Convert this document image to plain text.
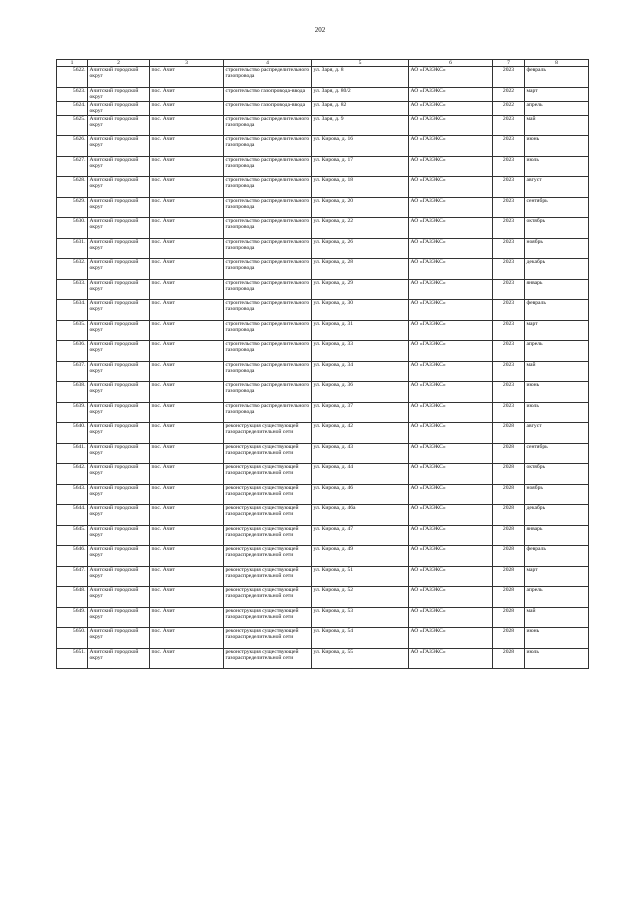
202
1	2	3	4	5	6	7	8
5622.	Ачитский городской округ	пос. Ачит	строительство распределительного газопровода	ул. Заря, д. 8	АО «ГАЗЭКС»	2023	февраль
5623.	Ачитский городской округ	пос. Ачит	строительство газопровода-ввода	ул. Заря, д. 80/2	АО «ГАЗЭКС»	2022	март
5624.	Ачитский городской округ	пос. Ачит	строительство газопровода-ввода	ул. Заря, д. 82	АО «ГАЗЭКС»	2022	апрель
5625.	Ачитский городской округ	пос. Ачит	строительство распределительного газопровода	ул. Заря, д. 9	АО «ГАЗЭКС»	2023	май
5626.	Ачитский городской округ	пос. Ачит	строительство распределительного газопровода	ул. Кирова, д. 16	АО «ГАЗЭКС»	2023	июнь
5627.	Ачитский городской округ	пос. Ачит	строительство распределительного газопровода	ул. Кирова, д. 17	АО «ГАЗЭКС»	2023	июль
5628.	Ачитский городской округ	пос. Ачит	строительство распределительного газопровода	ул. Кирова, д. 18	АО «ГАЗЭКС»	2023	август
5629.	Ачитский городской округ	пос. Ачит	строительство распределительного газопровода	ул. Кирова, д. 20	АО «ГАЗЭКС»	2023	сентябрь
5630.	Ачитский городской округ	пос. Ачит	строительство распределительного газопровода	ул. Кирова, д. 22	АО «ГАЗЭКС»	2023	октябрь
5631.	Ачитский городской округ	пос. Ачит	строительство распределительного газопровода	ул. Кирова, д. 26	АО «ГАЗЭКС»	2023	ноябрь
5632.	Ачитский городской округ	пос. Ачит	строительство распределительного газопровода	ул. Кирова, д. 28	АО «ГАЗЭКС»	2023	декабрь
5633.	Ачитский городской округ	пос. Ачит	строительство распределительного газопровода	ул. Кирова, д. 29	АО «ГАЗЭКС»	2023	январь
5634.	Ачитский городской округ	пос. Ачит	строительство распределительного газопровода	ул. Кирова, д. 30	АО «ГАЗЭКС»	2023	февраль
5635.	Ачитский городской округ	пос. Ачит	строительство распределительного газопровода	ул. Кирова, д. 31	АО «ГАЗЭКС»	2023	март
5636.	Ачитский городской округ	пос. Ачит	строительство распределительного газопровода	ул. Кирова, д. 33	АО «ГАЗЭКС»	2023	апрель
5637.	Ачитский городской округ	пос. Ачит	строительство распределительного газопровода	ул. Кирова, д. 34	АО «ГАЗЭКС»	2023	май
5638.	Ачитский городской округ	пос. Ачит	строительство распределительного газопровода	ул. Кирова, д. 36	АО «ГАЗЭКС»	2023	июнь
5639.	Ачитский городской округ	пос. Ачит	строительство распределительного газопровода	ул. Кирова, д. 37	АО «ГАЗЭКС»	2023	июль
5640.	Ачитский городской округ	пос. Ачит	реконструкция существующей газораспределительной сети	ул. Кирова, д. 42	АО «ГАЗЭКС»	2028	август
5641.	Ачитский городской округ	пос. Ачит	реконструкция существующей газораспределительной сети	ул. Кирова, д. 43	АО «ГАЗЭКС»	2028	сентябрь
5642.	Ачитский городской округ	пос. Ачит	реконструкция существующей газораспределительной сети	ул. Кирова, д. 44	АО «ГАЗЭКС»	2028	октябрь
5643.	Ачитский городской округ	пос. Ачит	реконструкция существующей газораспределительной сети	ул. Кирова, д. 46	АО «ГАЗЭКС»	2028	ноябрь
5644.	Ачитский городской округ	пос. Ачит	реконструкция существующей газораспределительной сети	ул. Кирова, д. 46а	АО «ГАЗЭКС»	2028	декабрь
5645.	Ачитский городской округ	пос. Ачит	реконструкция существующей газораспределительной сети	ул. Кирова, д. 47	АО «ГАЗЭКС»	2028	январь
5646.	Ачитский городской округ	пос. Ачит	реконструкция существующей газораспределительной сети	ул. Кирова, д. 49	АО «ГАЗЭКС»	2028	февраль
5647.	Ачитский городской округ	пос. Ачит	реконструкция существующей газораспределительной сети	ул. Кирова, д. 51	АО «ГАЗЭКС»	2028	март
5648.	Ачитский городской округ	пос. Ачит	реконструкция существующей газораспределительной сети	ул. Кирова, д. 52	АО «ГАЗЭКС»	2028	апрель
5649.	Ачитский городской округ	пос. Ачит	реконструкция существующей газораспределительной сети	ул. Кирова, д. 53	АО «ГАЗЭКС»	2028	май
5650.	Ачитский городской округ	пос. Ачит	реконструкция существующей газораспределительной сети	ул. Кирова, д. 54	АО «ГАЗЭКС»	2028	июнь
5651.	Ачитский городской округ	пос. Ачит	реконструкция существующей газораспределительной сети	ул. Кирова, д. 55	АО «ГАЗЭКС»	2028	июль
